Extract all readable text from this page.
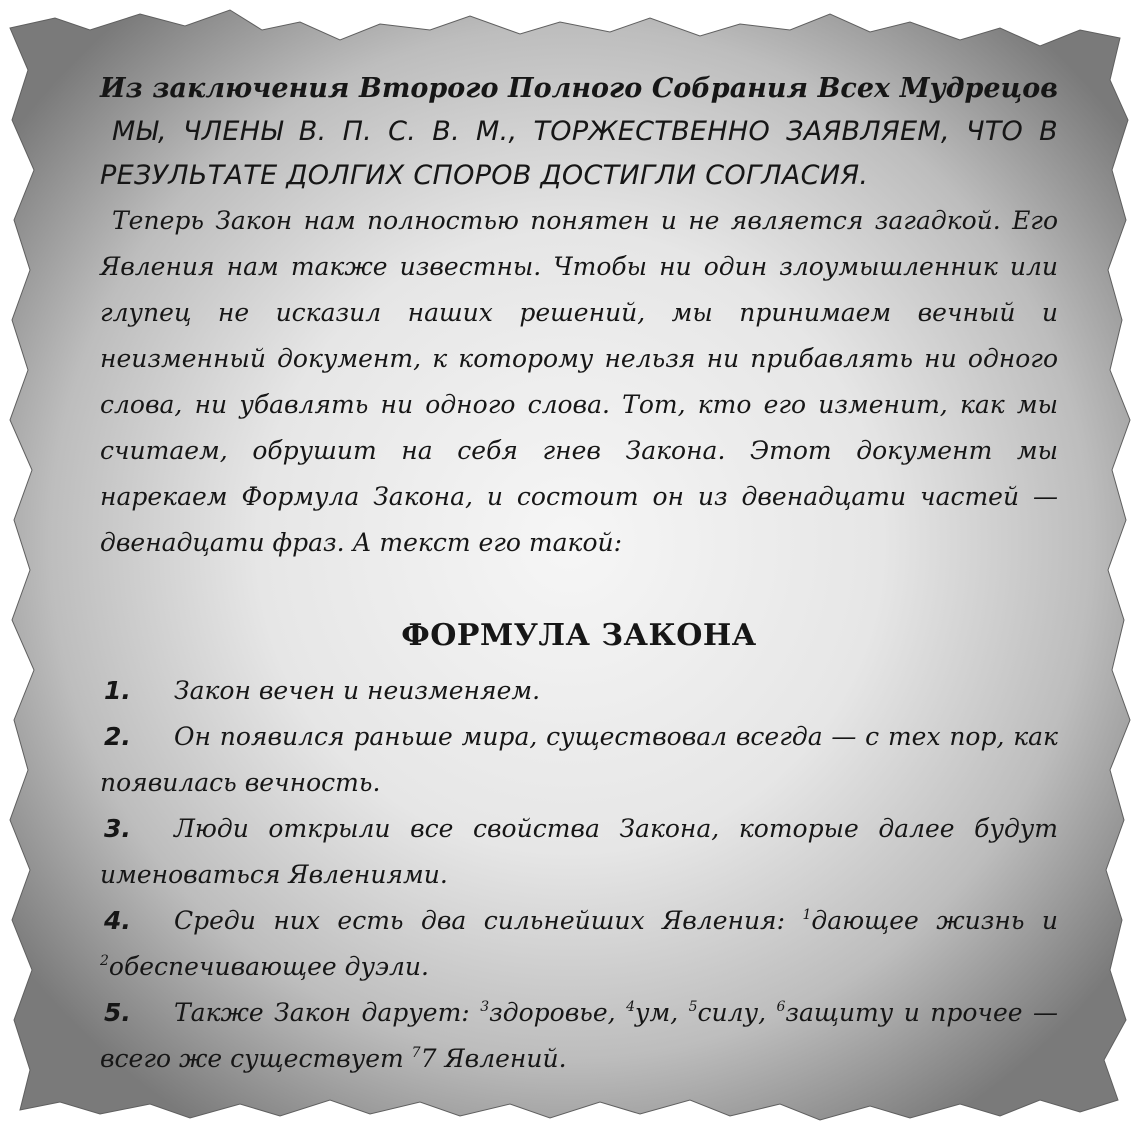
Из заключения Второго Полного Собрания Всех Мудрецов

МЫ, ЧЛЕНЫ В. П. С. В. М., ТОРЖЕСТВЕННО ЗАЯВЛЯЕМ, ЧТО В РЕЗУЛЬТАТЕ ДОЛГИХ СПОРОВ ДОСТИГЛИ СОГЛАСИЯ.

Теперь Закон нам полностью понятен и не является загадкой. Его Явления нам также известны. Чтобы ни один злоумышленник или глупец не исказил наших решений, мы принимаем вечный и неизменный документ, к которому нельзя ни прибавлять ни одного слова, ни убавлять ни одного слова. Тот, кто его изменит, как мы считаем, обрушит на себя гнев Закона. Этот документ мы нарекаем Формула Закона, и состоит он из двенадцати частей — двенадцати фраз. А текст его такой:

ФОРМУЛА ЗАКОНА

1. Закон вечен и неизменяем.

2. Он появился раньше мира, существовал всегда — с тех пор, как появилась вечность.

3. Люди открыли все свойства Закона, которые далее будут именоваться Явлениями.

4. Среди них есть два сильнейших Явления: $^1$дающее жизнь и $^2$обеспечивающее дуэли.

5. Также Закон дарует: $^3$здоровье, $^4$ум, $^5$силу, $^6$защиту и прочее — всего же существует $^7$7 Явлений.
